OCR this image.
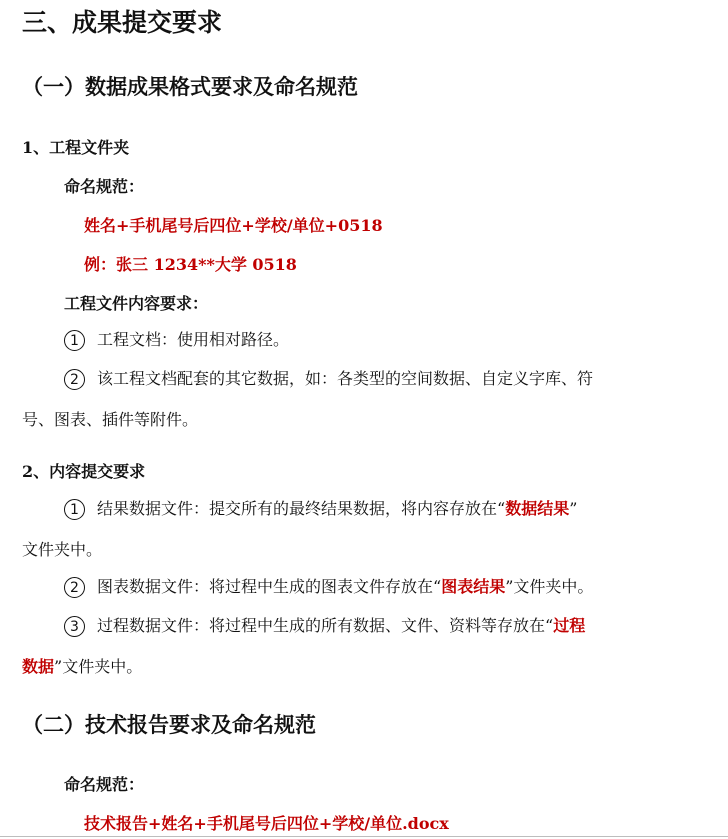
三、成果提交要求
（一）数据成果格式要求及命名规范
1、工程文件夹
命名规范：
姓名+手机尾号后四位+学校/单位+0518
例：张三 1234**大学 0518
工程文件内容要求：
1 工程文档：使用相对路径。
2 该工程文档配套的其它数据，如：各类型的空间数据、自定义字库、符
号、图表、插件等附件。
2、内容提交要求
1 结果数据文件：提交所有的最终结果数据，将内容存放在“数据结果”
文件夹中。
2 图表数据文件：将过程中生成的图表文件存放在“图表结果”文件夹中。
3 过程数据文件：将过程中生成的所有数据、文件、资料等存放在“过程
数据”文件夹中。
（二）技术报告要求及命名规范
命名规范：
技术报告+姓名+手机尾号后四位+学校/单位.docx
